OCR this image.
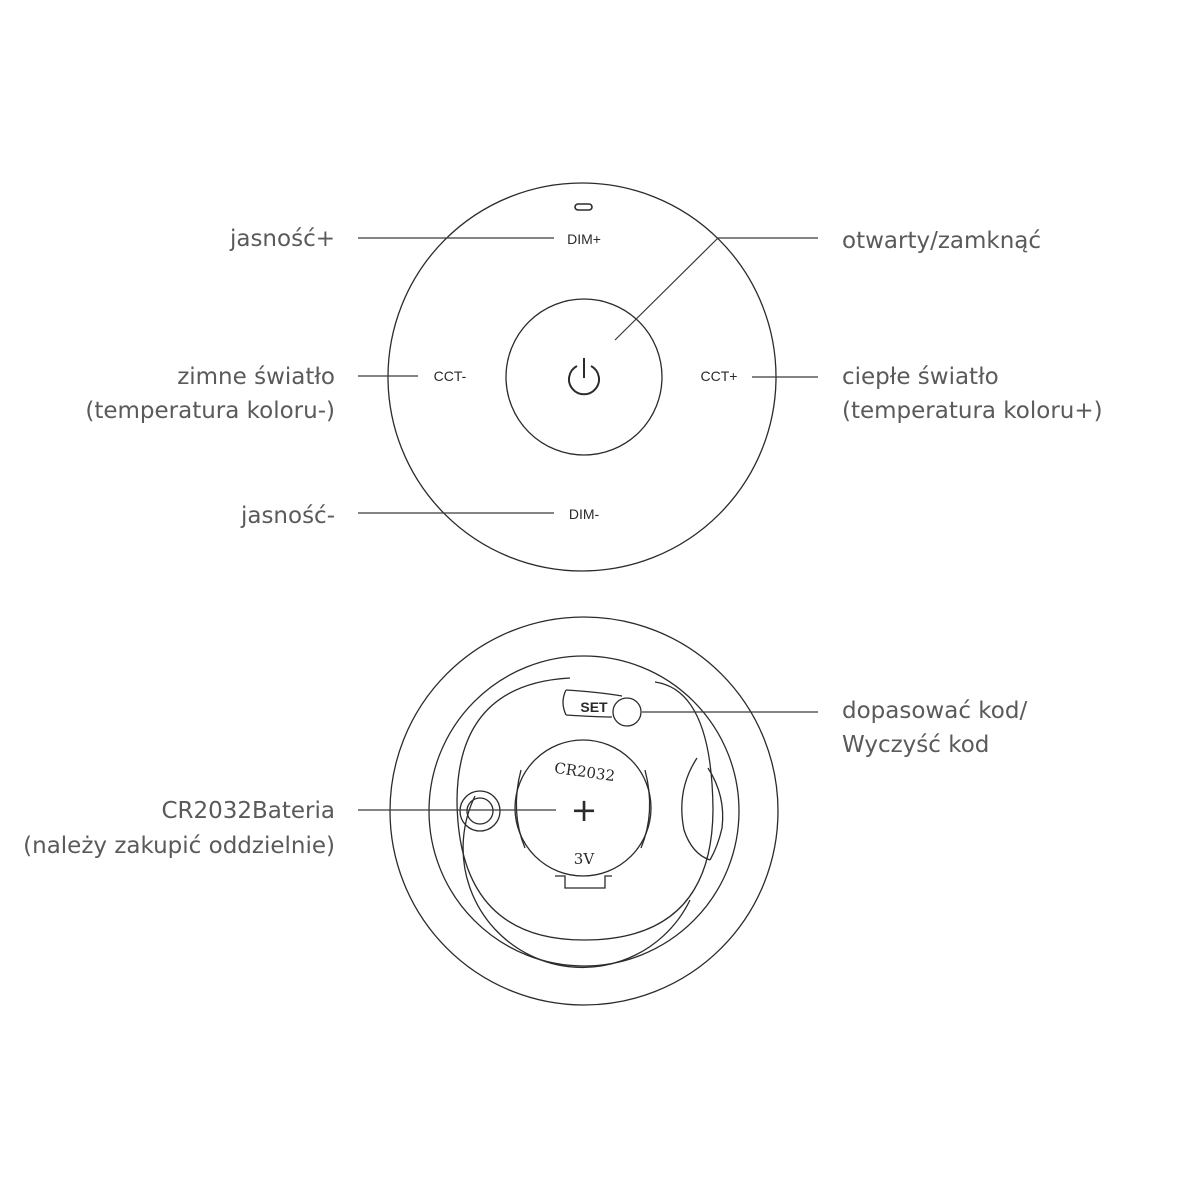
DIM+
DIM-
CCT-	CCT+
jasność+	otwarty/zamknąć
zimne światło
(temperatura koloru-)
ciepłe światło
(temperatura koloru+)
jasność-
SET
CR2032
+
3V
dopasować kod/
Wyczyść kod
CR2032Bateria
(należy zakupić oddzielnie)
